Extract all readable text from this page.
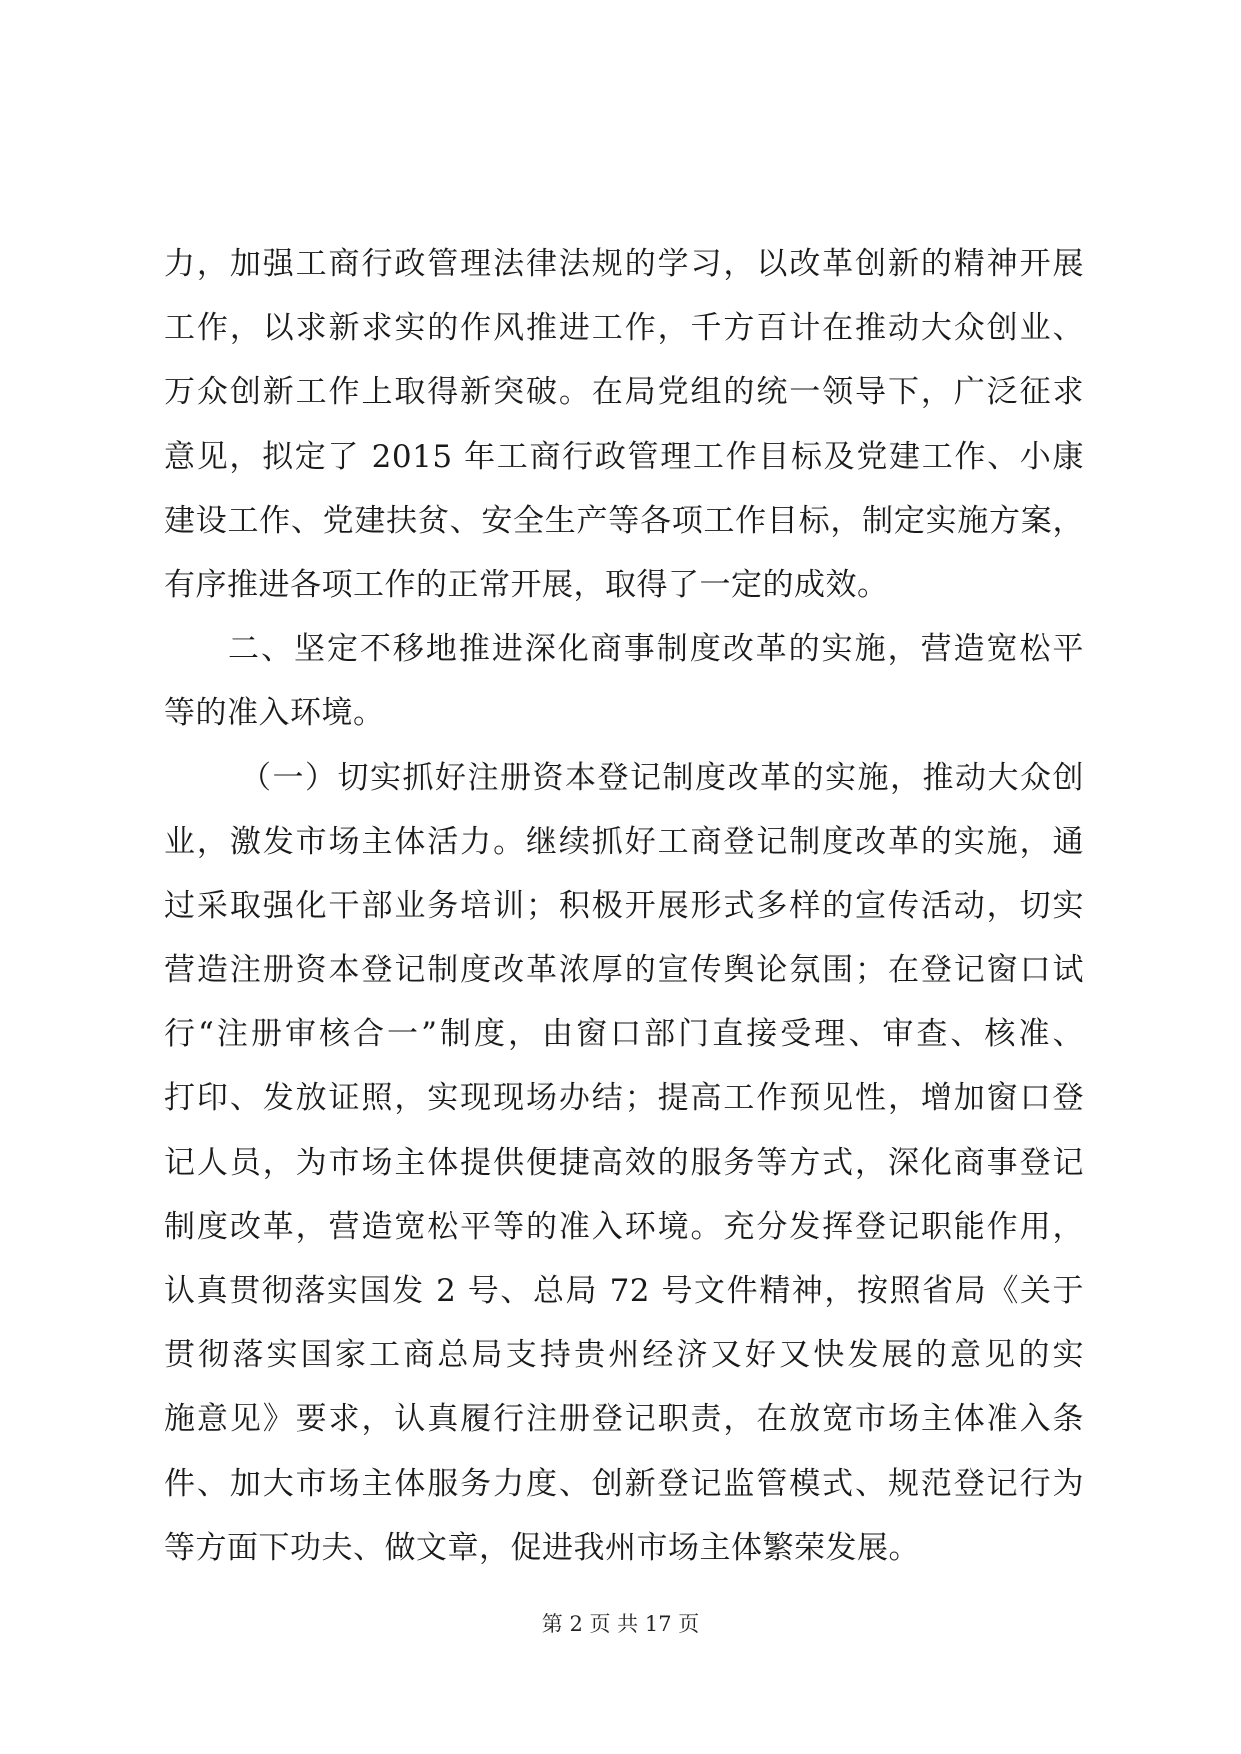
力，加强工商行政管理法律法规的学习，以改革创新的精神开展
工作，以求新求实的作风推进工作，千方百计在推动大众创业、
万众创新工作上取得新突破。在局党组的统一领导下，广泛征求
意见，拟定了 2015 年工商行政管理工作目标及党建工作、小康
建设工作、党建扶贫、安全生产等各项工作目标，制定实施方案，
有序推进各项工作的正常开展，取得了一定的成效。
二、坚定不移地推进深化商事制度改革的实施，营造宽松平
等的准入环境。
（一）切实抓好注册资本登记制度改革的实施，推动大众创
业，激发市场主体活力。继续抓好工商登记制度改革的实施，通
过采取强化干部业务培训；积极开展形式多样的宣传活动，切实
营造注册资本登记制度改革浓厚的宣传舆论氛围；在登记窗口试
行“注册审核合一”制度，由窗口部门直接受理、审查、核准、
打印、发放证照，实现现场办结；提高工作预见性，增加窗口登
记人员，为市场主体提供便捷高效的服务等方式，深化商事登记
制度改革，营造宽松平等的准入环境。充分发挥登记职能作用，
认真贯彻落实国发 2 号、总局 72 号文件精神，按照省局《关于
贯彻落实国家工商总局支持贵州经济又好又快发展的意见的实
施意见》要求，认真履行注册登记职责，在放宽市场主体准入条
件、加大市场主体服务力度、创新登记监管模式、规范登记行为
等方面下功夫、做文章，促进我州市场主体繁荣发展。
第 2 页 共 17 页
